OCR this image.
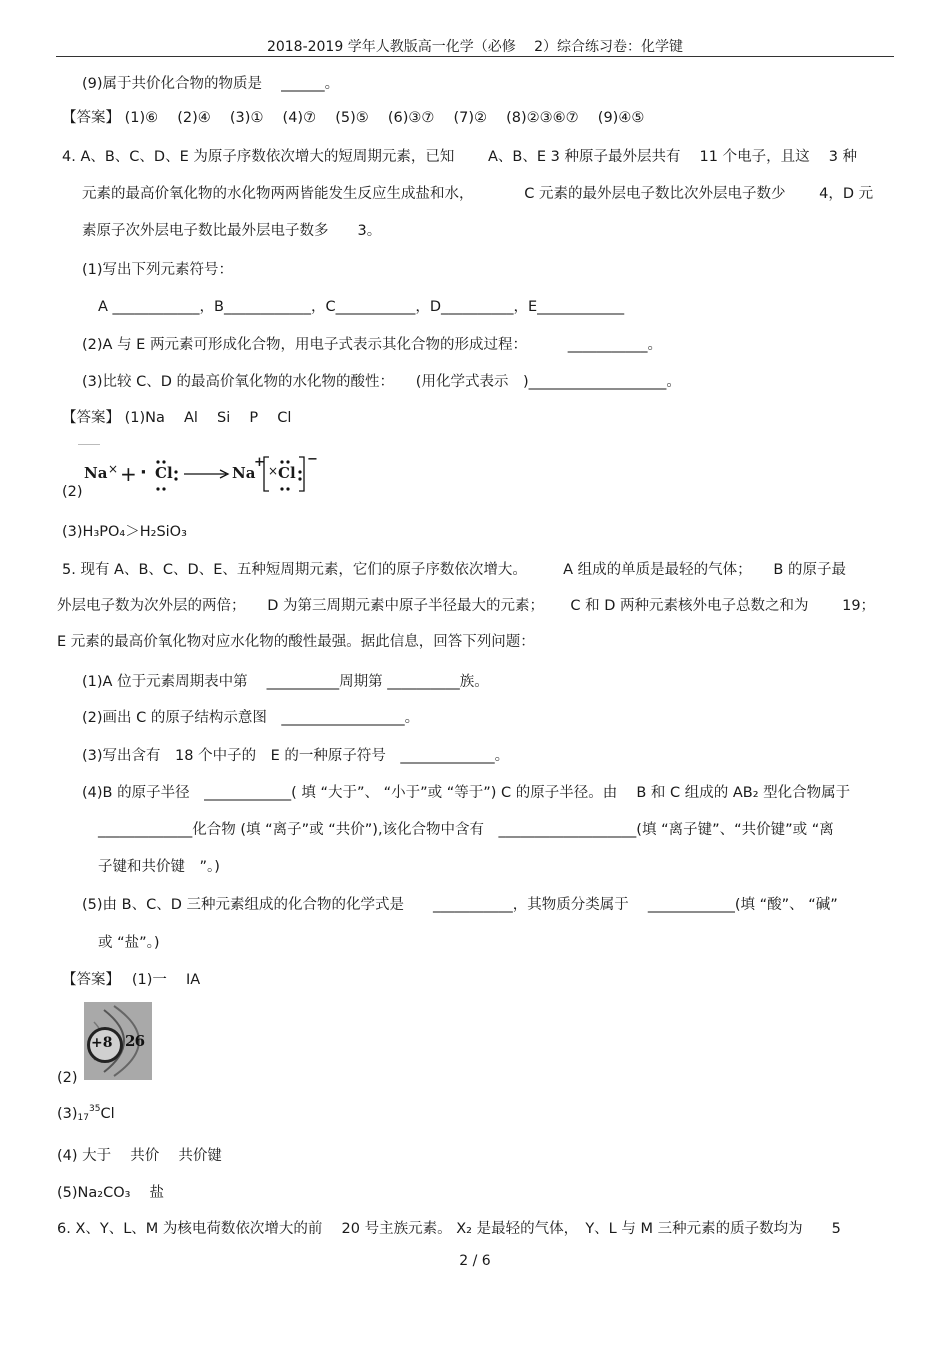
2018-2019 学年人教版高一化学（必修　 2）综合练习卷：化学键
(9)属于共价化合物的物质是　 ______。
【答案】 (1)⑥　 (2)④　 (3)①　 (4)⑦　 (5)⑤　 (6)③⑦　 (7)②　 (8)②③⑥⑦　 (9)④⑤
4. A、B、C、D、E 为原子序数依次增大的短周期元素，已知　　 A、B、E 3 种原子最外层共有　 11 个电子，且这　 3 种
元素的最高价氧化物的水化物两两皆能发生反应生成盐和水，　　　　C 元素的最外层电子数比次外层电子数少　　 4，D 元
素原子次外层电子数比最外层电子数多　　3。
(1)写出下列元素符号：
A ____________，B____________，C___________，D__________，E____________
(2)A 与 E 两元素可形成化合物，用电子式表示其化合物的形成过程：　　　 ___________。
(3)比较 C、D 的最高价氧化物的水化物的酸性：　　(用化学式表示　)___________________。
【答案】 (1)Na　 Al　 Si　 P　 Cl
(2)
(3)H₃PO₄＞H₂SiO₃
5. 现有 A、B、C、D、E、五种短周期元素，它们的原子序数依次增大。　　　A 组成的单质是最轻的气体；　　B 的原子最
外层电子数为次外层的两倍；　　D 为第三周期元素中原子半径最大的元素；　　 C 和 D 两种元素核外电子总数之和为　　 19；
E 元素的最高价氧化物对应水化物的酸性最强。据此信息，回答下列问题：
(1)A 位于元素周期表中第　 __________周期第 __________族。
(2)画出 C 的原子结构示意图　_________________。
(3)写出含有　18 个中子的　E 的一种原子符号　_____________。
(4)B 的原子半径　____________( 填 “大于”、 “小于”或 “等于”) C 的原子半径。由　 B 和 C 组成的 AB₂ 型化合物属于
_____________化合物 (填 “离子”或 “共价”),该化合物中含有　___________________(填 “离子键”、“共价键”或 “离
子键和共价键　”。)
(5)由 B、C、D 三种元素组成的化合物的化学式是　　___________，其物质分类属于　 ____________(填 “酸”、 “碱”
或 “盐”。)
【答案】　 (1)一　 ⅠA
(2)
(4) 大于　 共价　 共价键
(5)Na₂CO₃　 盐
6. X、Y、L、M 为核电荷数依次增大的前　 20 号主族元素。 X₂ 是最轻的气体，　Y、L 与 M 三种元素的质子数均为　　5
$(3)_{17}^{35}Cl$
Na × + · Cl → Na
+
× Cl
−
+8 2 6
2 / 6
